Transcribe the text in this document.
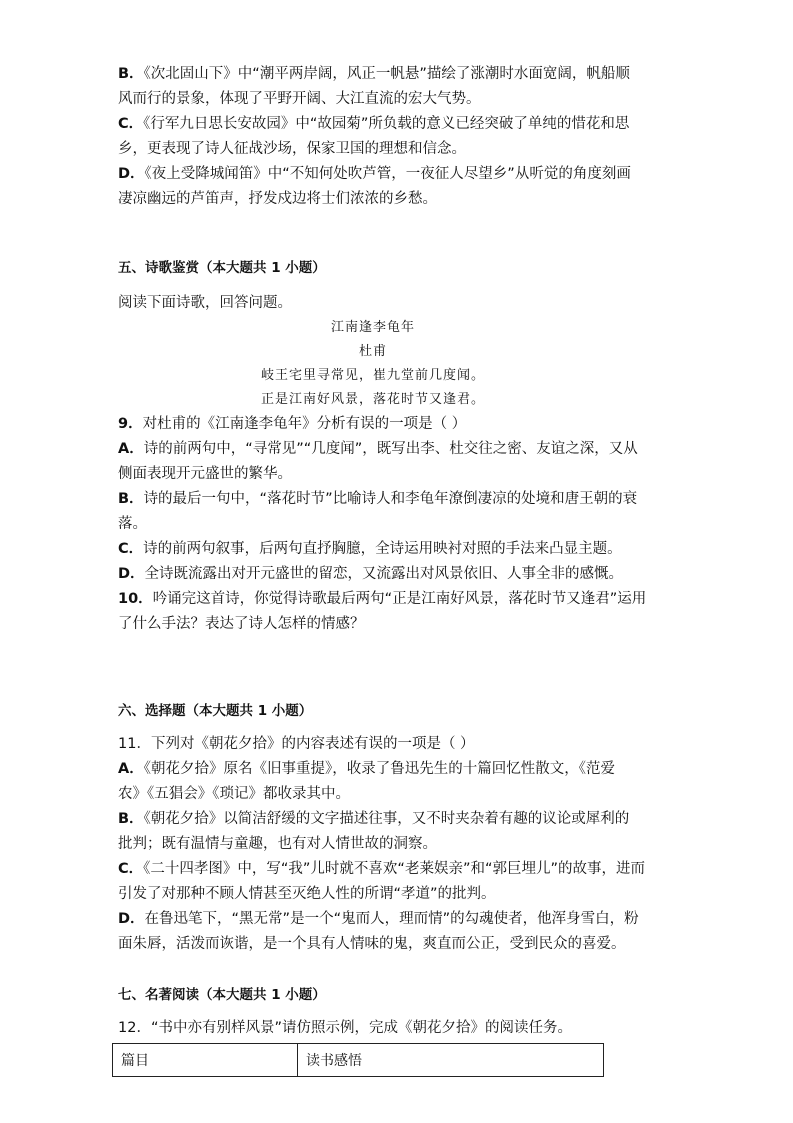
B．《次北固山下》中“潮平两岸阔，风正一帆悬”描绘了涨潮时水面宽阔，帆船顺

风而行的景象，体现了平野开阔、大江直流的宏大气势。

C．《行军九日思长安故园》中“故园菊”所负载的意义已经突破了单纯的惜花和思

乡，更表现了诗人征战沙场，保家卫国的理想和信念。

D．《夜上受降城闻笛》中“不知何处吹芦管，一夜征人尽望乡”从听觉的角度刻画

凄凉幽远的芦笛声，抒发戍边将士们浓浓的乡愁。

五、诗歌鉴赏（本大题共 1 小题）

阅读下面诗歌，回答问题。

江南逢李龟年

杜甫

岐王宅里寻常见，崔九堂前几度闻。

正是江南好风景，落花时节又逢君。

9．对杜甫的《江南逢李龟年》分析有误的一项是（ ）

A．诗的前两句中，“寻常见”“几度闻”，既写出李、杜交往之密、友谊之深，又从

侧面表现开元盛世的繁华。

B．诗的最后一句中，“落花时节”比喻诗人和李龟年潦倒凄凉的处境和唐王朝的衰

落。

C．诗的前两句叙事，后两句直抒胸臆，全诗运用映衬对照的手法来凸显主题。

D．全诗既流露出对开元盛世的留恋，又流露出对风景依旧、人事全非的感慨。

10．吟诵完这首诗，你觉得诗歌最后两句“正是江南好风景，落花时节又逢君”运用

了什么手法？表达了诗人怎样的情感？

六、选择题（本大题共 1 小题）

11．下列对《朝花夕拾》的内容表述有误的一项是（ ）

A．《朝花夕拾》原名《旧事重提》，收录了鲁迅先生的十篇回忆性散文，《范爱

农》《五猖会》《琐记》都收录其中。

B．《朝花夕拾》以简洁舒缓的文字描述往事，又不时夹杂着有趣的议论或犀利的

批判；既有温情与童趣，也有对人情世故的洞察。

C．《二十四孝图》中，写“我”儿时就不喜欢“老莱娱亲”和“郭巨埋儿”的故事，进而

引发了对那种不顾人情甚至灭绝人性的所谓“孝道”的批判。

D．在鲁迅笔下，“黑无常”是一个“鬼而人，理而情”的勾魂使者，他浑身雪白，粉

面朱唇，活泼而诙谐，是一个具有人情味的鬼，爽直而公正，受到民众的喜爱。

七、名著阅读（本大题共 1 小题）

12．“书中亦有别样风景”请仿照示例，完成《朝花夕拾》的阅读任务。

篇目	读书感悟
